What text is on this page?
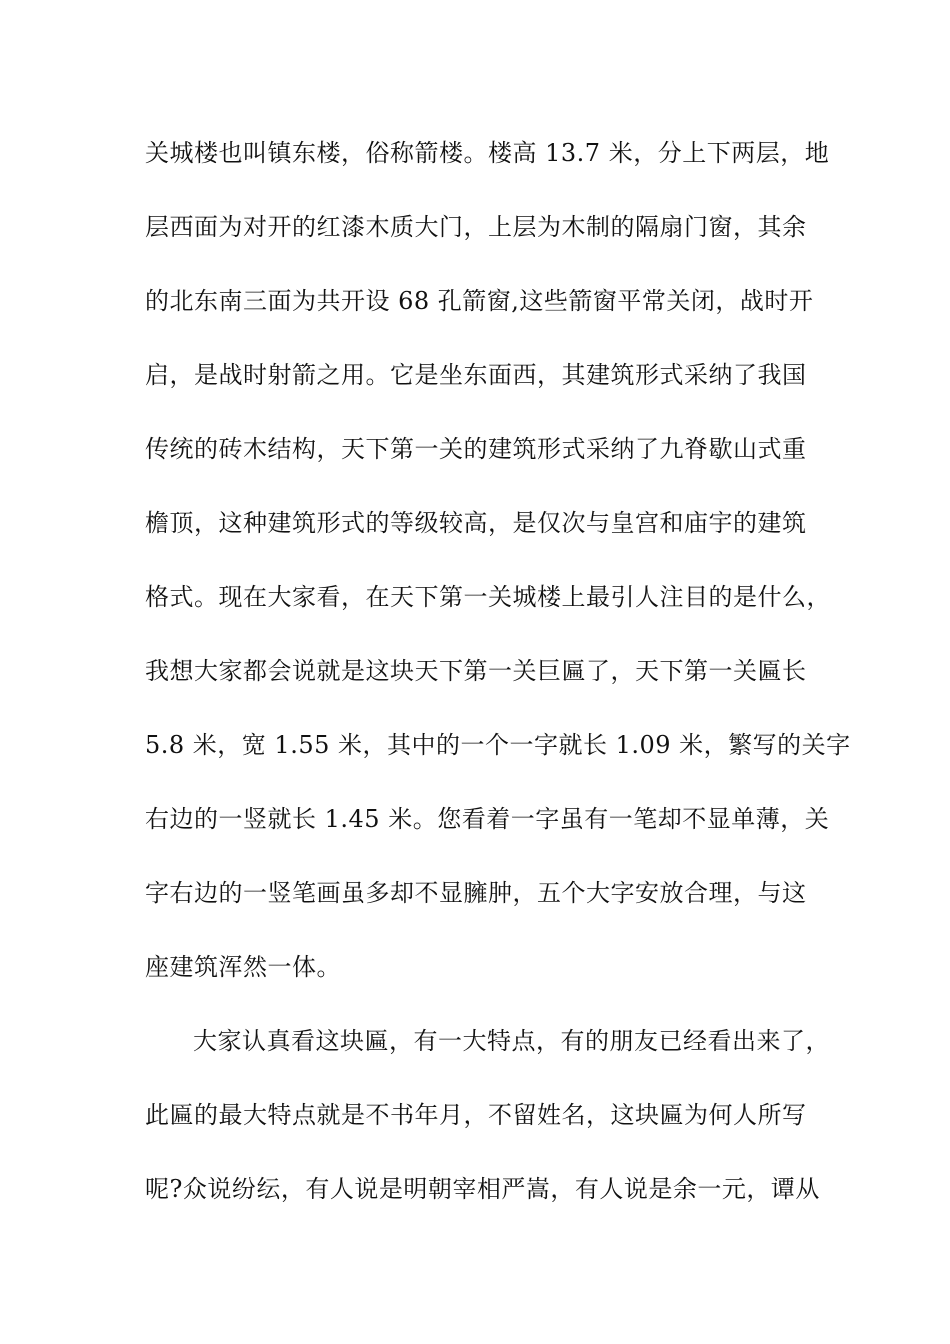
关城楼也叫镇东楼，俗称箭楼。楼高 13.7 米，分上下两层，地
层西面为对开的红漆木质大门，上层为木制的隔扇门窗，其余
的北东南三面为共开设 68 孔箭窗,这些箭窗平常关闭，战时开
启，是战时射箭之用。它是坐东面西，其建筑形式采纳了我国
传统的砖木结构，天下第一关的建筑形式采纳了九脊歇山式重
檐顶，这种建筑形式的等级较高，是仅次与皇宫和庙宇的建筑
格式。现在大家看，在天下第一关城楼上最引人注目的是什么，
我想大家都会说就是这块天下第一关巨匾了，天下第一关匾长
5.8 米，宽 1.55 米，其中的一个一字就长 1.09 米，繁写的关字
右边的一竖就长 1.45 米。您看着一字虽有一笔却不显单薄，关
字右边的一竖笔画虽多却不显臃肿，五个大字安放合理，与这
座建筑浑然一体。
大家认真看这块匾，有一大特点，有的朋友已经看出来了，
此匾的最大特点就是不书年月，不留姓名，这块匾为何人所写
呢?众说纷纭，有人说是明朝宰相严嵩，有人说是余一元，谭从
